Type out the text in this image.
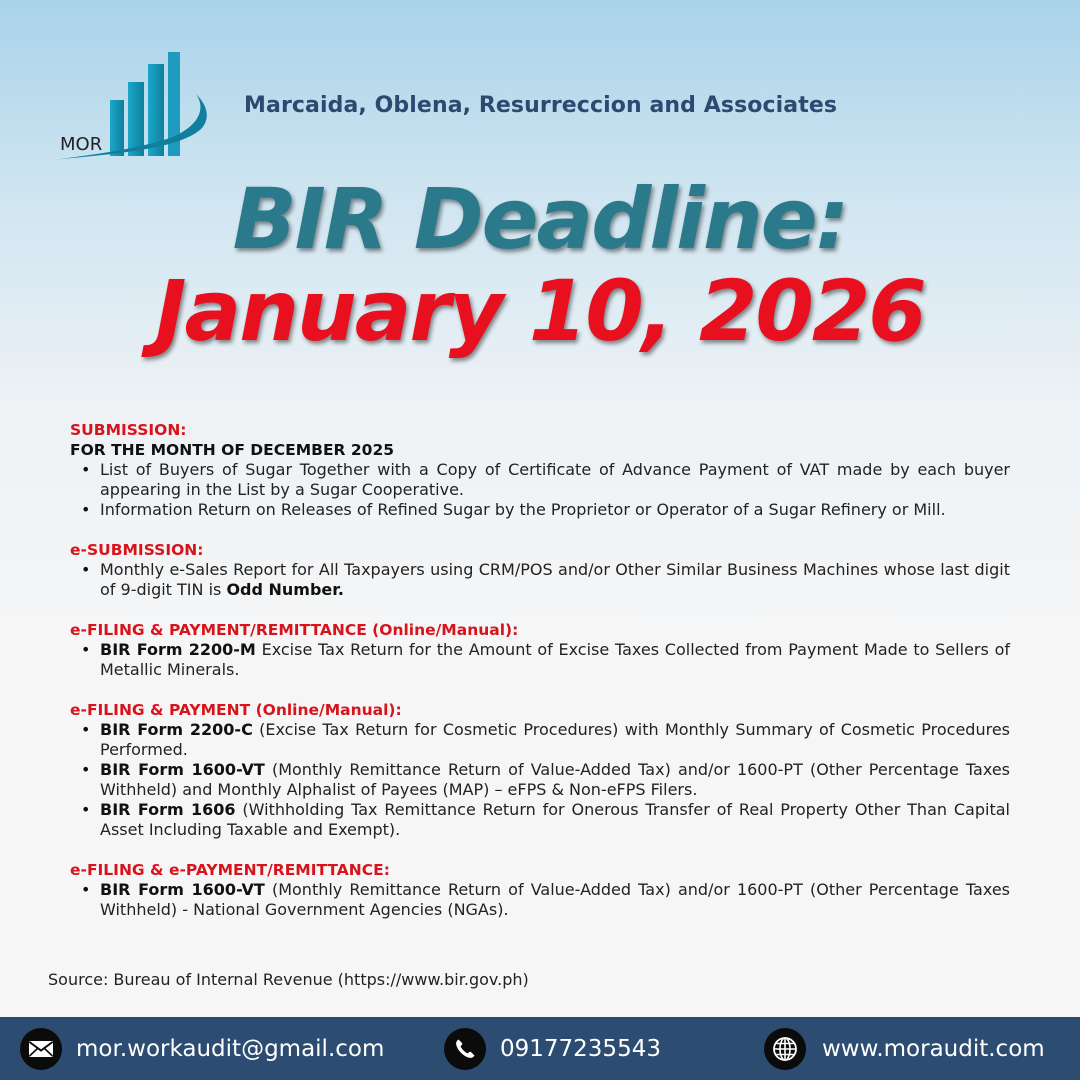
MOR
Marcaida, Oblena, Resurreccion and Associates
BIR Deadline:
January 10, 2026
SUBMISSION:
FOR THE MONTH OF DECEMBER 2025
• List of Buyers of Sugar Together with a Copy of Certificate of Advance Payment of VAT made by each buyer appearing in the List by a Sugar Cooperative.
• Information Return on Releases of Refined Sugar by the Proprietor or Operator of a Sugar Refinery or Mill.
e-SUBMISSION:
• Monthly e-Sales Report for All Taxpayers using CRM/POS and/or Other Similar Business Machines whose last digit of 9-digit TIN is Odd Number.
e-FILING & PAYMENT/REMITTANCE (Online/Manual):
• BIR Form 2200-M Excise Tax Return for the Amount of Excise Taxes Collected from Payment Made to Sellers of Metallic Minerals.
e-FILING & PAYMENT (Online/Manual):
• BIR Form 2200-C (Excise Tax Return for Cosmetic Procedures) with Monthly Summary of Cosmetic Procedures Performed.
• BIR Form 1600-VT (Monthly Remittance Return of Value-Added Tax) and/or 1600-PT (Other Percentage Taxes Withheld) and Monthly Alphalist of Payees (MAP) – eFPS & Non-eFPS Filers.
• BIR Form 1606 (Withholding Tax Remittance Return for Onerous Transfer of Real Property Other Than Capital Asset Including Taxable and Exempt).
e-FILING & e-PAYMENT/REMITTANCE:
• BIR Form 1600-VT (Monthly Remittance Return of Value-Added Tax) and/or 1600-PT (Other Percentage Taxes Withheld) - National Government Agencies (NGAs).
Source: Bureau of Internal Revenue (https://www.bir.gov.ph)
mor.workaudit@gmail.com	09177235543	www.moraudit.com
